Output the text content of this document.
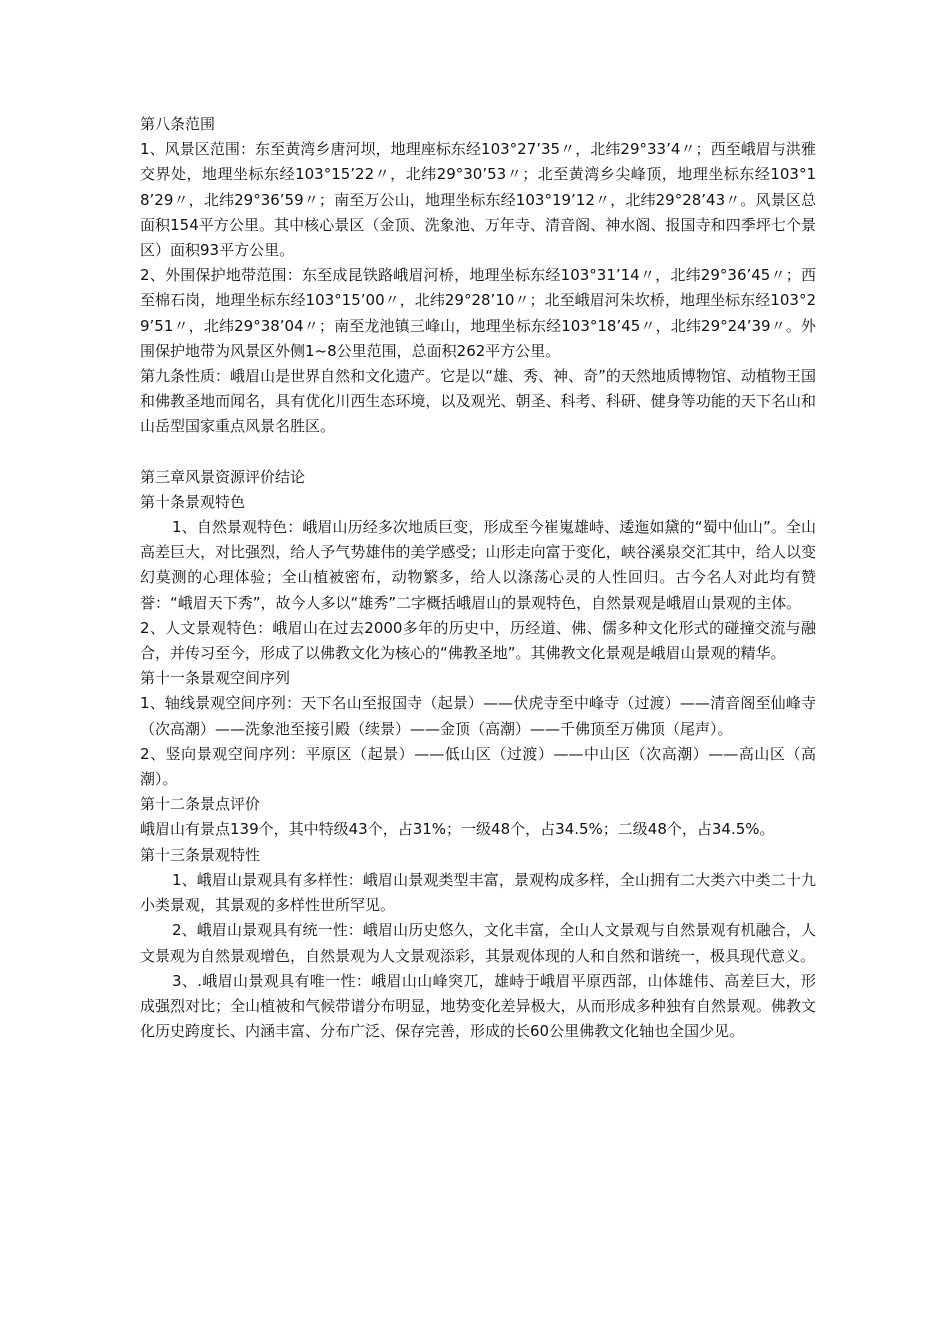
第八条范围

1、风景区范围：东至黄湾乡唐河坝，地理座标东经103°27’35〃，北纬29°33’4〃；西至峨眉与洪雅交界处，地理坐标东经103°15’22〃，北纬29°30’53〃；北至黄湾乡尖峰顶，地理坐标东经103°18’29〃，北纬29°36’59〃；南至万公山，地理坐标东经103°19’12〃，北纬29°28’43〃。风景区总面积154平方公里。其中核心景区（金顶、洗象池、万年寺、清音阁、神水阁、报国寺和四季坪七个景区）面积93平方公里。

2、外围保护地带范围：东至成昆铁路峨眉河桥，地理坐标东经103°31’14〃，北纬29°36’45〃；西至棉石岗，地理坐标东经103°15’00〃，北纬29°28’10〃；北至峨眉河朱坎桥，地理坐标东经103°29’51〃，北纬29°38’04〃；南至龙池镇三峰山，地理坐标东经103°18’45〃，北纬29°24’39〃。外围保护地带为风景区外侧1~8公里范围，总面积262平方公里。

第九条性质：峨眉山是世界自然和文化遗产。它是以“雄、秀、神、奇”的天然地质博物馆、动植物王国和佛教圣地而闻名，具有优化川西生态环境，以及观光、朝圣、科考、科研、健身等功能的天下名山和山岳型国家重点风景名胜区。

第三章风景资源评价结论

第十条景观特色

1、自然景观特色：峨眉山历经多次地质巨变，形成至今崔嵬雄峙、逶迤如黛的“蜀中仙山”。全山高差巨大，对比强烈，给人予气势雄伟的美学感受；山形走向富于变化，峡谷溪泉交汇其中，给人以变幻莫测的心理体验；全山植被密布，动物繁多，给人以涤荡心灵的人性回归。古今名人对此均有赞誉：“峨眉天下秀”，故今人多以“雄秀”二字概括峨眉山的景观特色，自然景观是峨眉山景观的主体。

2、人文景观特色：峨眉山在过去2000多年的历史中，历经道、佛、儒多种文化形式的碰撞交流与融合，并传习至今，形成了以佛教文化为核心的“佛教圣地”。其佛教文化景观是峨眉山景观的精华。

第十一条景观空间序列

1、轴线景观空间序列：天下名山至报国寺（起景）——伏虎寺至中峰寺（过渡）——清音阁至仙峰寺（次高潮）——洗象池至接引殿（续景）——金顶（高潮）——千佛顶至万佛顶（尾声）。

2、竖向景观空间序列：平原区（起景）——低山区（过渡）——中山区（次高潮）——高山区（高潮）。

第十二条景点评价

峨眉山有景点139个，其中特级43个，占31%；一级48个，占34.5%；二级48个，占34.5%。

第十三条景观特性

1、峨眉山景观具有多样性：峨眉山景观类型丰富，景观构成多样，全山拥有二大类六中类二十九小类景观，其景观的多样性世所罕见。

2、峨眉山景观具有统一性：峨眉山历史悠久，文化丰富，全山人文景观与自然景观有机融合，人文景观为自然景观增色，自然景观为人文景观添彩，其景观体现的人和自然和谐统一，极具现代意义。

3、.峨眉山景观具有唯一性：峨眉山山峰突兀，雄峙于峨眉平原西部，山体雄伟、高差巨大，形成强烈对比；全山植被和气候带谱分布明显，地势变化差异极大，从而形成多种独有自然景观。佛教文化历史跨度长、内涵丰富、分布广泛、保存完善，形成的长60公里佛教文化轴也全国少见。
